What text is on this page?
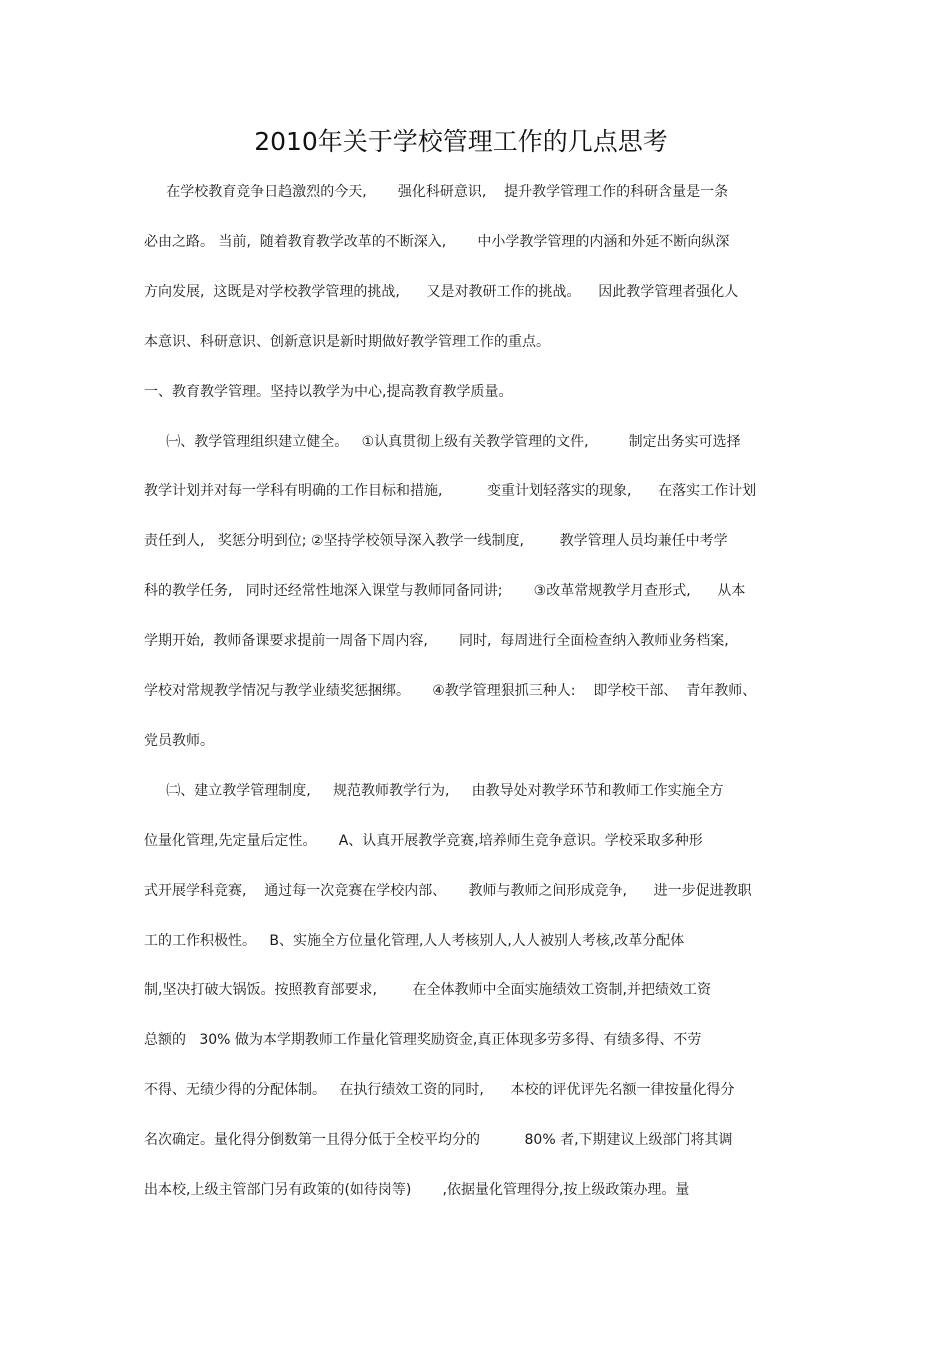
2010年关于学校管理工作的几点思考
在学校教育竞争日趋激烈的今天,       强化科研意识,    提升教学管理工作的科研含量是一条
必由之路。 当前,  随着教育教学改革的不断深入,       中小学教学管理的内涵和外延不断向纵深
方向发展,  这既是对学校教学管理的挑战,      又是对教研工作的挑战。    因此教学管理者强化人
本意识、科研意识、创新意识是新时期做好教学管理工作的重点。
一、教育教学管理。坚持以教学为中心,提高教育教学质量。
㈠、教学管理组织建立健全。   ①认真贯彻上级有关教学管理的文件,         制定出务实可选择
教学计划并对每一学科有明确的工作目标和措施,          变重计划轻落实的现象,      在落实工作计划
责任到人,   奖惩分明到位; ②坚持学校领导深入教学一线制度,        教学管理人员均兼任中考学
科的教学任务,   同时还经常性地深入课堂与教师同备同讲;       ③改革常规教学月查形式,      从本
学期开始,  教师备课要求提前一周备下周内容,       同时,  每周进行全面检查纳入教师业务档案,
学校对常规教学情况与教学业绩奖惩捆绑。     ④教学管理狠抓三种人:    即学校干部、  青年教师、
党员教师。
㈡、建立教学管理制度,     规范教师教学行为,     由教导处对教学环节和教师工作实施全方
位量化管理,先定量后定性。     A、认真开展教学竞赛,培养师生竞争意识。学校采取多种形
式开展学科竞赛,    通过每一次竞赛在学校内部、     教师与教师之间形成竞争,      进一步促进教职
工的工作积极性。   B、实施全方位量化管理,人人考核别人,人人被别人考核,改革分配体
制,坚决打破大锅饭。按照教育部要求,        在全体教师中全面实施绩效工资制,并把绩效工资
总额的   30% 做为本学期教师工作量化管理奖励资金,真正体现多劳多得、有绩多得、不劳
不得、无绩少得的分配体制。   在执行绩效工资的同时,      本校的评优评先名额一律按量化得分
名次确定。量化得分倒数第一且得分低于全校平均分的          80% 者,下期建议上级部门将其调
出本校,上级主管部门另有政策的(如待岗等)       ,依据量化管理得分,按上级政策办理。量
